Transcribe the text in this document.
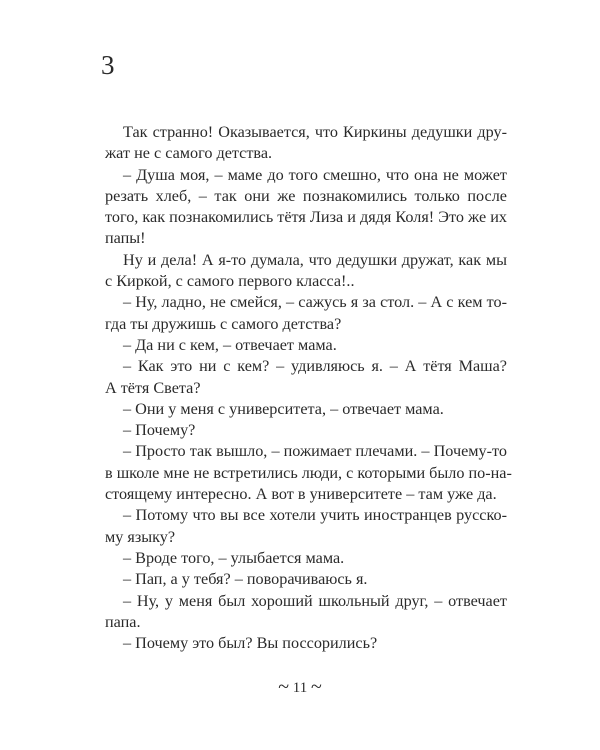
3
Так странно! Оказывается, что Киркины дедушки дру-
жат не с самого детства.
– Душа моя, – маме до того смешно, что она не может
резать хлеб, – так они же познакомились только после
того, как познакомились тётя Лиза и дядя Коля! Это же их
папы!
Ну и дела! А я-то думала, что дедушки дружат, как мы
с Киркой, с самого первого класса!..
– Ну, ладно, не смейся, – сажусь я за стол. – А с кем то-
гда ты дружишь с самого детства?
– Да ни с кем, – отвечает мама.
– Как это ни с кем? – удивляюсь я. – А тётя Маша?
А тётя Света?
– Они у меня с университета, – отвечает мама.
– Почему?
– Просто так вышло, – пожимает плечами. – Почему-то
в школе мне не встретились люди, с которыми было по-на-
стоящему интересно. А вот в университете – там уже да.
– Потому что вы все хотели учить иностранцев русско-
му языку?
– Вроде того, – улыбается мама.
– Пап, а у тебя? – поворачиваюсь я.
– Ну, у меня был хороший школьный друг, – отвечает
папа.
– Почему это был? Вы поссорились?
~ 11 ~
